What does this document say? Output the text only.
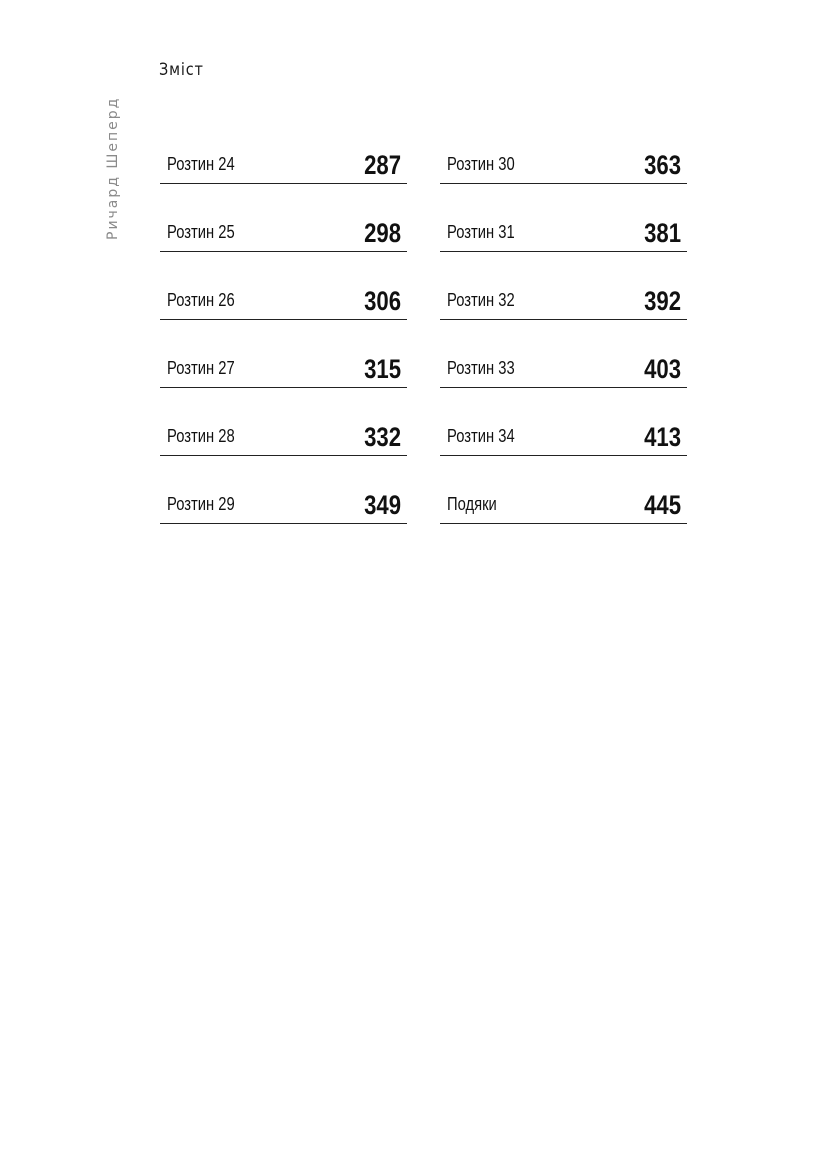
Зміст
Ричард Шеперд	Розтин 24	287
Розтин 25	298
Розтин 26	306
Розтин 27	315
Розтин 28	332
Розтин 29	349
Розтин 30	363
Розтин 31	381
Розтин 32	392
Розтин 33	403
Розтин 34	413
Подяки	445
